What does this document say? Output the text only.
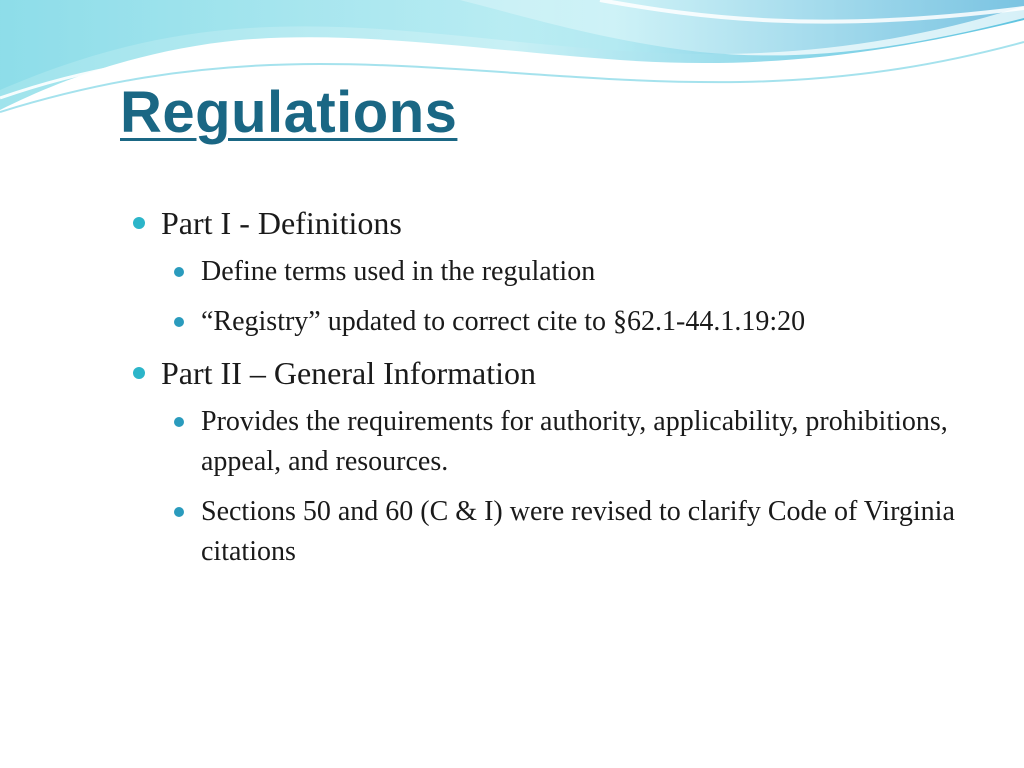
Regulations
Part I - Definitions
Define terms used in the regulation
“Registry” updated to correct cite to §62.1-44.1.19:20
Part II – General Information
Provides the requirements for authority, applicability, prohibitions, appeal, and resources.
Sections 50 and 60 (C & I) were revised to clarify Code of Virginia citations
